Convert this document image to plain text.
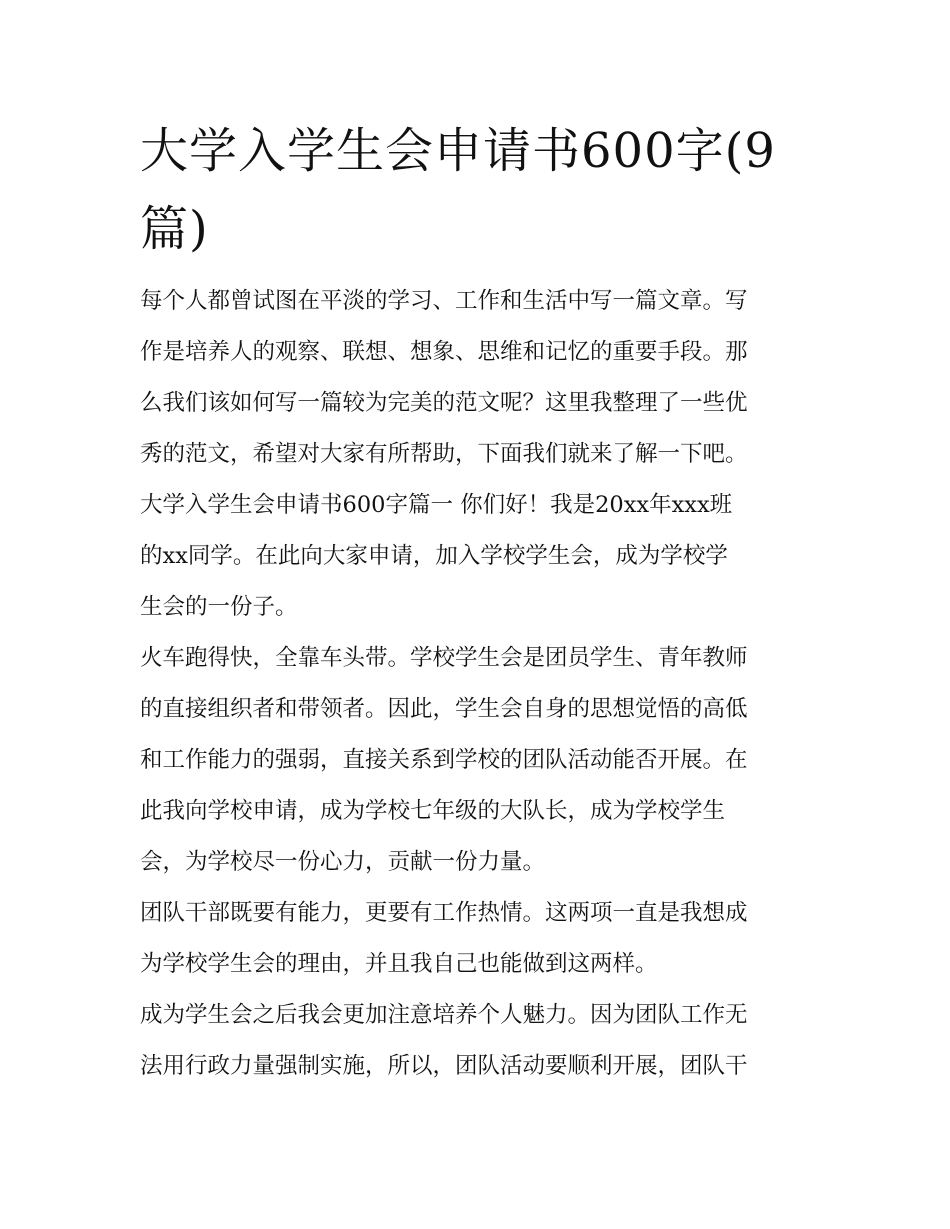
大学入学生会申请书600字(9篇)
每个人都曾试图在平淡的学习、工作和生活中写一篇文章。写
作是培养人的观察、联想、想象、思维和记忆的重要手段。那
么我们该如何写一篇较为完美的范文呢？这里我整理了一些优
秀的范文，希望对大家有所帮助，下面我们就来了解一下吧。
大学入学生会申请书600字篇一 你们好！我是20xx年xxx班
的xx同学。在此向大家申请，加入学校学生会，成为学校学
生会的一份子。
火车跑得快，全靠车头带。学校学生会是团员学生、青年教师
的直接组织者和带领者。因此，学生会自身的思想觉悟的高低
和工作能力的强弱，直接关系到学校的团队活动能否开展。在
此我向学校申请，成为学校七年级的大队长，成为学校学生
会，为学校尽一份心力，贡献一份力量。
团队干部既要有能力，更要有工作热情。这两项一直是我想成
为学校学生会的理由，并且我自己也能做到这两样。
成为学生会之后我会更加注意培养个人魅力。因为团队工作无
法用行政力量强制实施，所以，团队活动要顺利开展，团队干
